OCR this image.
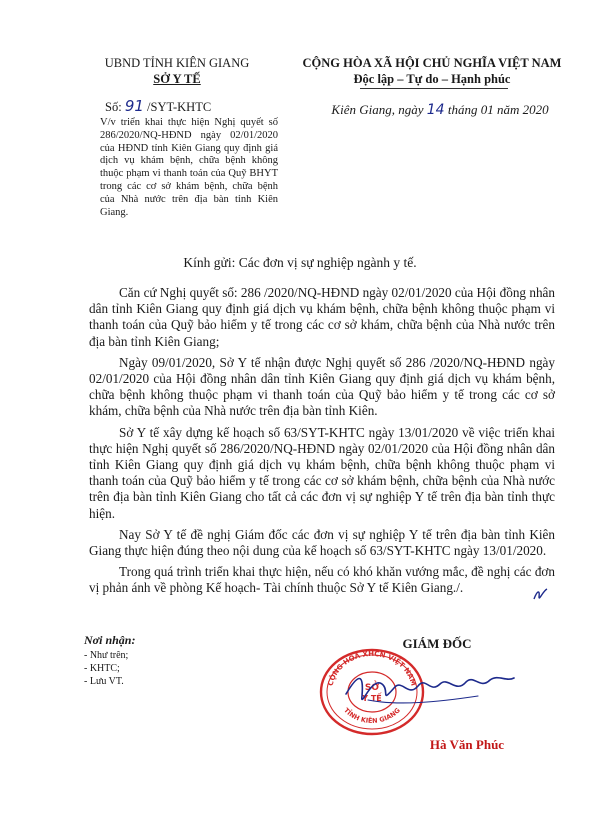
UBND TỈNH KIÊN GIANG
SỞ Y TẾ
CỘNG HÒA XÃ HỘI CHỦ NGHĨA VIỆT NAM
Độc lập – Tự do – Hạnh phúc
Số: 91 /SYT-KHTC	Kiên Giang, ngày 14 tháng 01 năm 2020
V/v triển khai thực hiện Nghị quyết số 286/2020/NQ-HĐND ngày 02/01/2020 của HĐND tỉnh Kiên Giang quy định giá dịch vụ khám bệnh, chữa bệnh không thuộc phạm vi thanh toán của Quỹ BHYT trong các cơ sở khám bệnh, chữa bệnh của Nhà nước trên địa bàn tỉnh Kiên Giang.
Kính gửi: Các đơn vị sự nghiệp ngành y tế.

Căn cứ Nghị quyết số: 286 /2020/NQ-HĐND ngày 02/01/2020 của Hội đồng nhân dân tỉnh Kiên Giang quy định giá dịch vụ khám bệnh, chữa bệnh không thuộc phạm vi thanh toán của Quỹ bảo hiểm y tế trong các cơ sở khám, chữa bệnh của Nhà nước trên địa bàn tỉnh Kiên Giang;

Ngày 09/01/2020, Sở Y tế nhận được Nghị quyết số 286 /2020/NQ-HĐND ngày 02/01/2020 của Hội đồng nhân dân tỉnh Kiên Giang quy định giá dịch vụ khám bệnh, chữa bệnh không thuộc phạm vi thanh toán của Quỹ bảo hiểm y tế trong các cơ sở khám, chữa bệnh của Nhà nước trên địa bàn tỉnh Kiên.

Sở Y tế xây dựng kế hoạch số 63/SYT-KHTC ngày 13/01/2020 về việc triển khai thực hiện Nghị quyết số 286/2020/NQ-HĐND ngày 02/01/2020 của Hội đồng nhân dân tỉnh Kiên Giang quy định giá dịch vụ khám bệnh, chữa bệnh không thuộc phạm vi thanh toán của Quỹ bảo hiểm y tế trong các cơ sở khám bệnh, chữa bệnh của Nhà nước trên địa bàn tỉnh Kiên Giang cho tất cả các đơn vị sự nghiệp Y tế trên địa bàn tỉnh thực hiện.

Nay Sở Y tế đề nghị Giám đốc các đơn vị sự nghiệp Y tế trên địa bàn tỉnh Kiên Giang thực hiện đúng theo nội dung của kế hoạch số 63/SYT-KHTC ngày 13/01/2020.

Trong quá trình triển khai thực hiện, nếu có khó khăn vướng mắc, đề nghị các đơn vị phản ánh về phòng Kế hoạch- Tài chính thuộc Sở Y tế Kiên Giang./.

Nơi nhận:
- Như trên;
- KHTC;
- Lưu VT.
GIÁM ĐỐC
CỘNG HÒA XHCN VIỆT NAM
TỈNH KIÊN GIANG
SỞ
Y TẾ
Hà Văn Phúc
